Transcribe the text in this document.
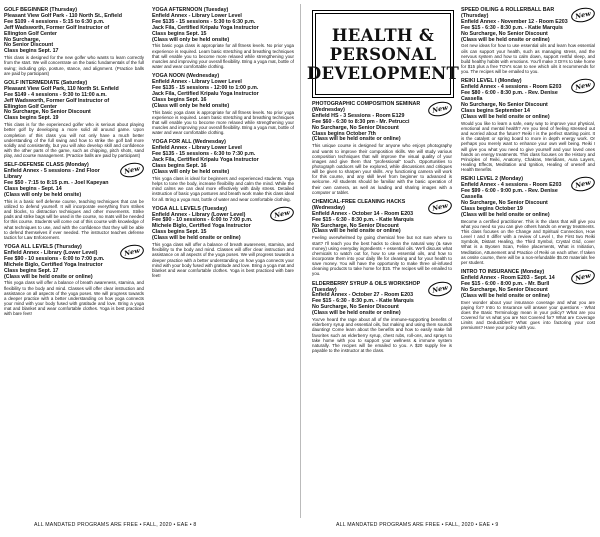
GOLF BEGINNER (Thursday)
Pleasant View Golf Park - 110 North St., Enfield
Fee $109 - 4 sessions - 5:15 to 6:30 p.m.
Jeff Wadsworth, Former Golf Instructor of
Ellington Golf Center
No Surcharge,
No Senior Discount
Class begins Sept. 17
This class is designed for the new golfer who wants to learn correctly from the start. We will concentrate on the basic fundamentals of the full swing; including grip, posture, stance, and alignment. (Practice balls are paid by participant)
GOLF INTERMEDIATE (Saturday)
Pleasant View Golf Park, 110 North St. Enfield
Fee $149 - 4 sessions - 9:30 to 11:00 a.m.
Jeff Wadsworth, Former Golf Instructor of
Ellington Golf Center
No Surcharge, No Senior Discount
Class begins Sept. 19
This class is for the experienced golfer who is serious about playing better golf by developing a more solid all around game. Upon completion of this class you will not only have a much better understanding of the full swing and how to strike the golf ball more solidly and consistently, but you will also develop skill and confidence with the other parts of the game, such as chipping, pitch shots, sand play, and course management. (Practice balls are paid by participant)
New
SELF-DEFENSE CLASS (Monday)
Enfield Annex - 5 sessions - 2nd Floor Library
Fee $50 - 7:15 to 8:15 p.m. - Joel Kapeyan
Class begins - Sept. 14
(Class will only be held onsite)
This is a basic self defense course, teaching techniques that can be utilized to defend yourself. It will incorporate everything from strikes and blocks, to distraction techniques and other movements. Strike pads and strike bags will be used in the course, no mats will be needed for this course. Students will come out of this course with knowledge of what techniques to use, and with the confidence that they will be able to defend themselves if ever needed. The instructor teaches defense tactics for Law Enforcement.
New
YOGA ALL LEVELS (Thursday)
Enfield Annex - Library (Lower Level)
Fee $90 - 10 sessions - 6:00 to 7:00 p.m.
Michele Biglo, Certified Yoga Instructor
Class begins Sept. 17
(Class will be held onsite or online)
This yoga class will offer a balance of breath awareness, stamina, and flexibility to the body and mind. Classes will offer clear instruction and assistance on all aspects of the yoga poses. We will progress towards a deeper practice with a better understanding on how yoga connects your mind with your body fused with gratitude and love. Bring a yoga mat and blanket and wear comfortable clothes. Yoga is best practiced with bare feet!
YOGA AFTERNOON (Tuesday)
Enfield Annex - Library Lower Level
Fee $135 - 15 sessions - 5:30 to 6:30 p.m.
Jack Fila, Certified Kripalu Yoga Instructor
Class begins Sept. 15
(Class will only be held onsite)
This basic yoga class is appropriate for all fitness levels. No prior yoga experience is required. Learn basic stretching and breathing techniques that will enable you to become more relaxed while strengthening your muscles and improving your overall flexibility. Bring a yoga mat, bottle of water and wear comfortable clothing.
YOGA NOON (Wednesday)
Enfield Annex - Library Lower Level
Fee $135 - 15 sessions - 12:00 to 1:00 p.m.
Jack Fila, Certified Kripalu Yoga Instructor
Class begins Sept. 16
(Class will only be held onsite)
This basic yoga class is appropriate for all fitness levels. No prior yoga experience is required. Learn basic stretching and breathing techniques that will enable you to become more relaxed while strengthening your muscles and improving your overall flexibility. Bring a yoga mat, bottle of water and wear comfortable clothing.
YOGA FOR ALL (Wednesday)
Enfield Annex - Library Lower Level
Fee $135 - 15 sessions - 6:30 to 7:30 p.m.
Jack Fila, Certified Kripalu Yoga Instructor
Class begins Sept. 16
(Class will only be held onsite)
This yoga class is ideal for beginners and experienced students. Yoga helps to tone the body, increase flexibility and calm the mind. While the mind calms we can deal more effectively with daily stress. Detailed instruction of basic yoga postures and breath work make this class ideal for all. Bring a yoga mat, bottle of water and wear comfortable clothing.
New
YOGA ALL LEVELS (Tuesday)
Enfield Annex - Library (Lower Level)
Fee $90 - 10 sessions - 6:00 to 7:00 p.m.
Michele Biglo, Certified Yoga Instructor
Class begins Sept. 15
(Class will be held onsite or online)
This yoga class will offer a balance of breath awareness, stamina, and flexibility to the body and mind. Classes will offer clear instruction and assistance on all aspects of the yoga poses. We will progress towards a deeper practice with a better understanding on how yoga connects your mind with your body fused with gratitude and love. Bring a yoga mat and blanket and wear comfortable clothes. Yoga is best practiced with bare feet!
HEALTH &
PERSONAL
DEVELOPMENT
New
PHOTOGRAPHIC COMPOSITION SEMINAR (Wednesday)
Enfield HS - 3 Sessions - Room E129
Fee $60 - 6:30 to 8:30 pm - Mr. Petrucci
No Surcharge, No Senior Discount
Class begins October 7th
(Class will be held onsite or online)
This unique course is designed for anyone who enjoys photography and wants to improve their composition skills. We will study various composition techniques that will improve the visual quality of your images and give them that "professional" touch. Opportunities to photograph outdoors will be explored, while discussions and critiques will be given to sharpen your skills. Any functioning camera will work for this course, and any skill level from beginner to advanced is welcome. All students should be familiar with the basic operation of their own camera, as well as loading and sharing images with a computer or tablet.
New
CHEMICAL-FREE CLEANING HACKS (Wednesday)
Enfield Annex - October 14 - Room E203
Fee $15 - 6:30 - 8:30 p.m. - Katie Marquis
No Surcharge, No Senior Discount
(Class will be held onsite or online)
Feeling overwhelmed by going chemical free but not sure where to start? I'll teach you the best hacks to clean the natural way (& save money) using everyday ingredients + essential oils. We'll discuss what chemicals to watch out for, how to use essential oils, and how to incorporate them into your daily life for cleaning and for your health to save money. You will have the opportunity to make three oil-infused cleaning products to take home for $15. The recipes will be emailed to you.
New
ELDERBERRY SYRUP & OILS WORKSHOP (Tuesday)
Enfield Annex - October 27 - Room E203
Fee $15 - 6:30 - 8:30 p.m. - Katie Marquis
No Surcharge, No Senior Discount
(Class will be held onsite or online)
You've heard the rage about all of the immune-supporting benefits of elderberry syrup and essential oils, but making and using them sounds daunting! Come learn about the benefits and how to easily make fall favorites such as elderberry syrup, chest rubs, roll-ons, and sprays to take home with you to support your wellness & immune system naturally. The recipes will be emailed to you. A $20 supply fee is payable to the instructor at the class.
New
SPEED OILING & ROLLERBALL BAR (Thursday)
Enfield Annex - November 12 - Room E203
Fee $15 - 6:30 - 8:30 p.m. - Katie Marquis
No Surcharge, No Senior Discount
(Class will be held onsite or online)
Get new ideas for how to use essential oils and learn how essential oils can support your health, such as managing stress, and the nervous system and how to calm down, support restful sleep, and build healthy habits with emotions. You'll make 3 DIYs to take home for $15 plus a free TOV's scan to see which oils it recommends for you. The recipes will be emailed to you.
New
REIKI LEVEL I (Monday)
Enfield Annex - 4 sessions - Room E203
Fee $80 - 6:00 - 8:30 p.m. - Rev. Denise Cassella
No Surcharge, No Senior Discount
Class begins September 14
(Class will be held onsite or online)
Would you like to learn a safe, easy way to improve your physical, emotional and mental health? Are you tired of feeling stressed out and worried about the future? Reiki I is the perfect starting point. It is the catalyst or spring board to more in depth energy work. Or perhaps you merely want to enhance your own well being. Reiki I will give you what you need to give yourself and your loved ones hands on energy treatments. This class focuses on the History and Principles of Reiki, Anatomy, Chakras, Meridians, Aura Layers, Healing Effects, Meditation and Ignition, Healing of oneself and Health Benefits.
New
REIKI LEVEL 2 (Monday)
Enfield Annex - 4 sessions - Room E203
Fee $99 - 6:00 - 9:00 p.m. - Rev. Denise Cassella
No Surcharge, No Senior Discount
Class begins October 19
(Class will be held onsite or online)
Become a certified practitioner. This is the class that will give you what you need so you can give others hands on energy treatments. This class focuses on the Change and Spiritual Connection, How Level I and II differ with a review of Level I, the First two Reiki Symbols, Distant Healing, the Third Symbol, Crystal Grid, cover What is a Byosen Scan, Feline placements, What is Initiation, Meditation, Attunement and Practice of Reiki on each other. If taken as onsite course, there will be a non-refundable $5.00 materials fee per student.
New
INTRO TO INSURANCE (Monday)
Enfield Annex - Room E203 - Sept. 14
Fee $15 - 6:00 - 8:00 p.m. - Mr. Burll
No Surcharge, No Senior Discount
(Class will be held onsite or online)
Ever wonder about your insurance coverage and what you are paying for? Intro to Insurance will answer your questions - What does the Basic Terminology mean in your policy? What are you Covered for vs what you are Not Covered for? What are Coverage Limits and Deductibles? What goes into factoring your cost premiums? Have your policy with you.
ALL MANDATED PROGRAMS ARE FREE • FALL, 2020 • EAE • 8	ALL MANDATED PROGRAMS ARE FREE • FALL, 2020 • EAE • 9
